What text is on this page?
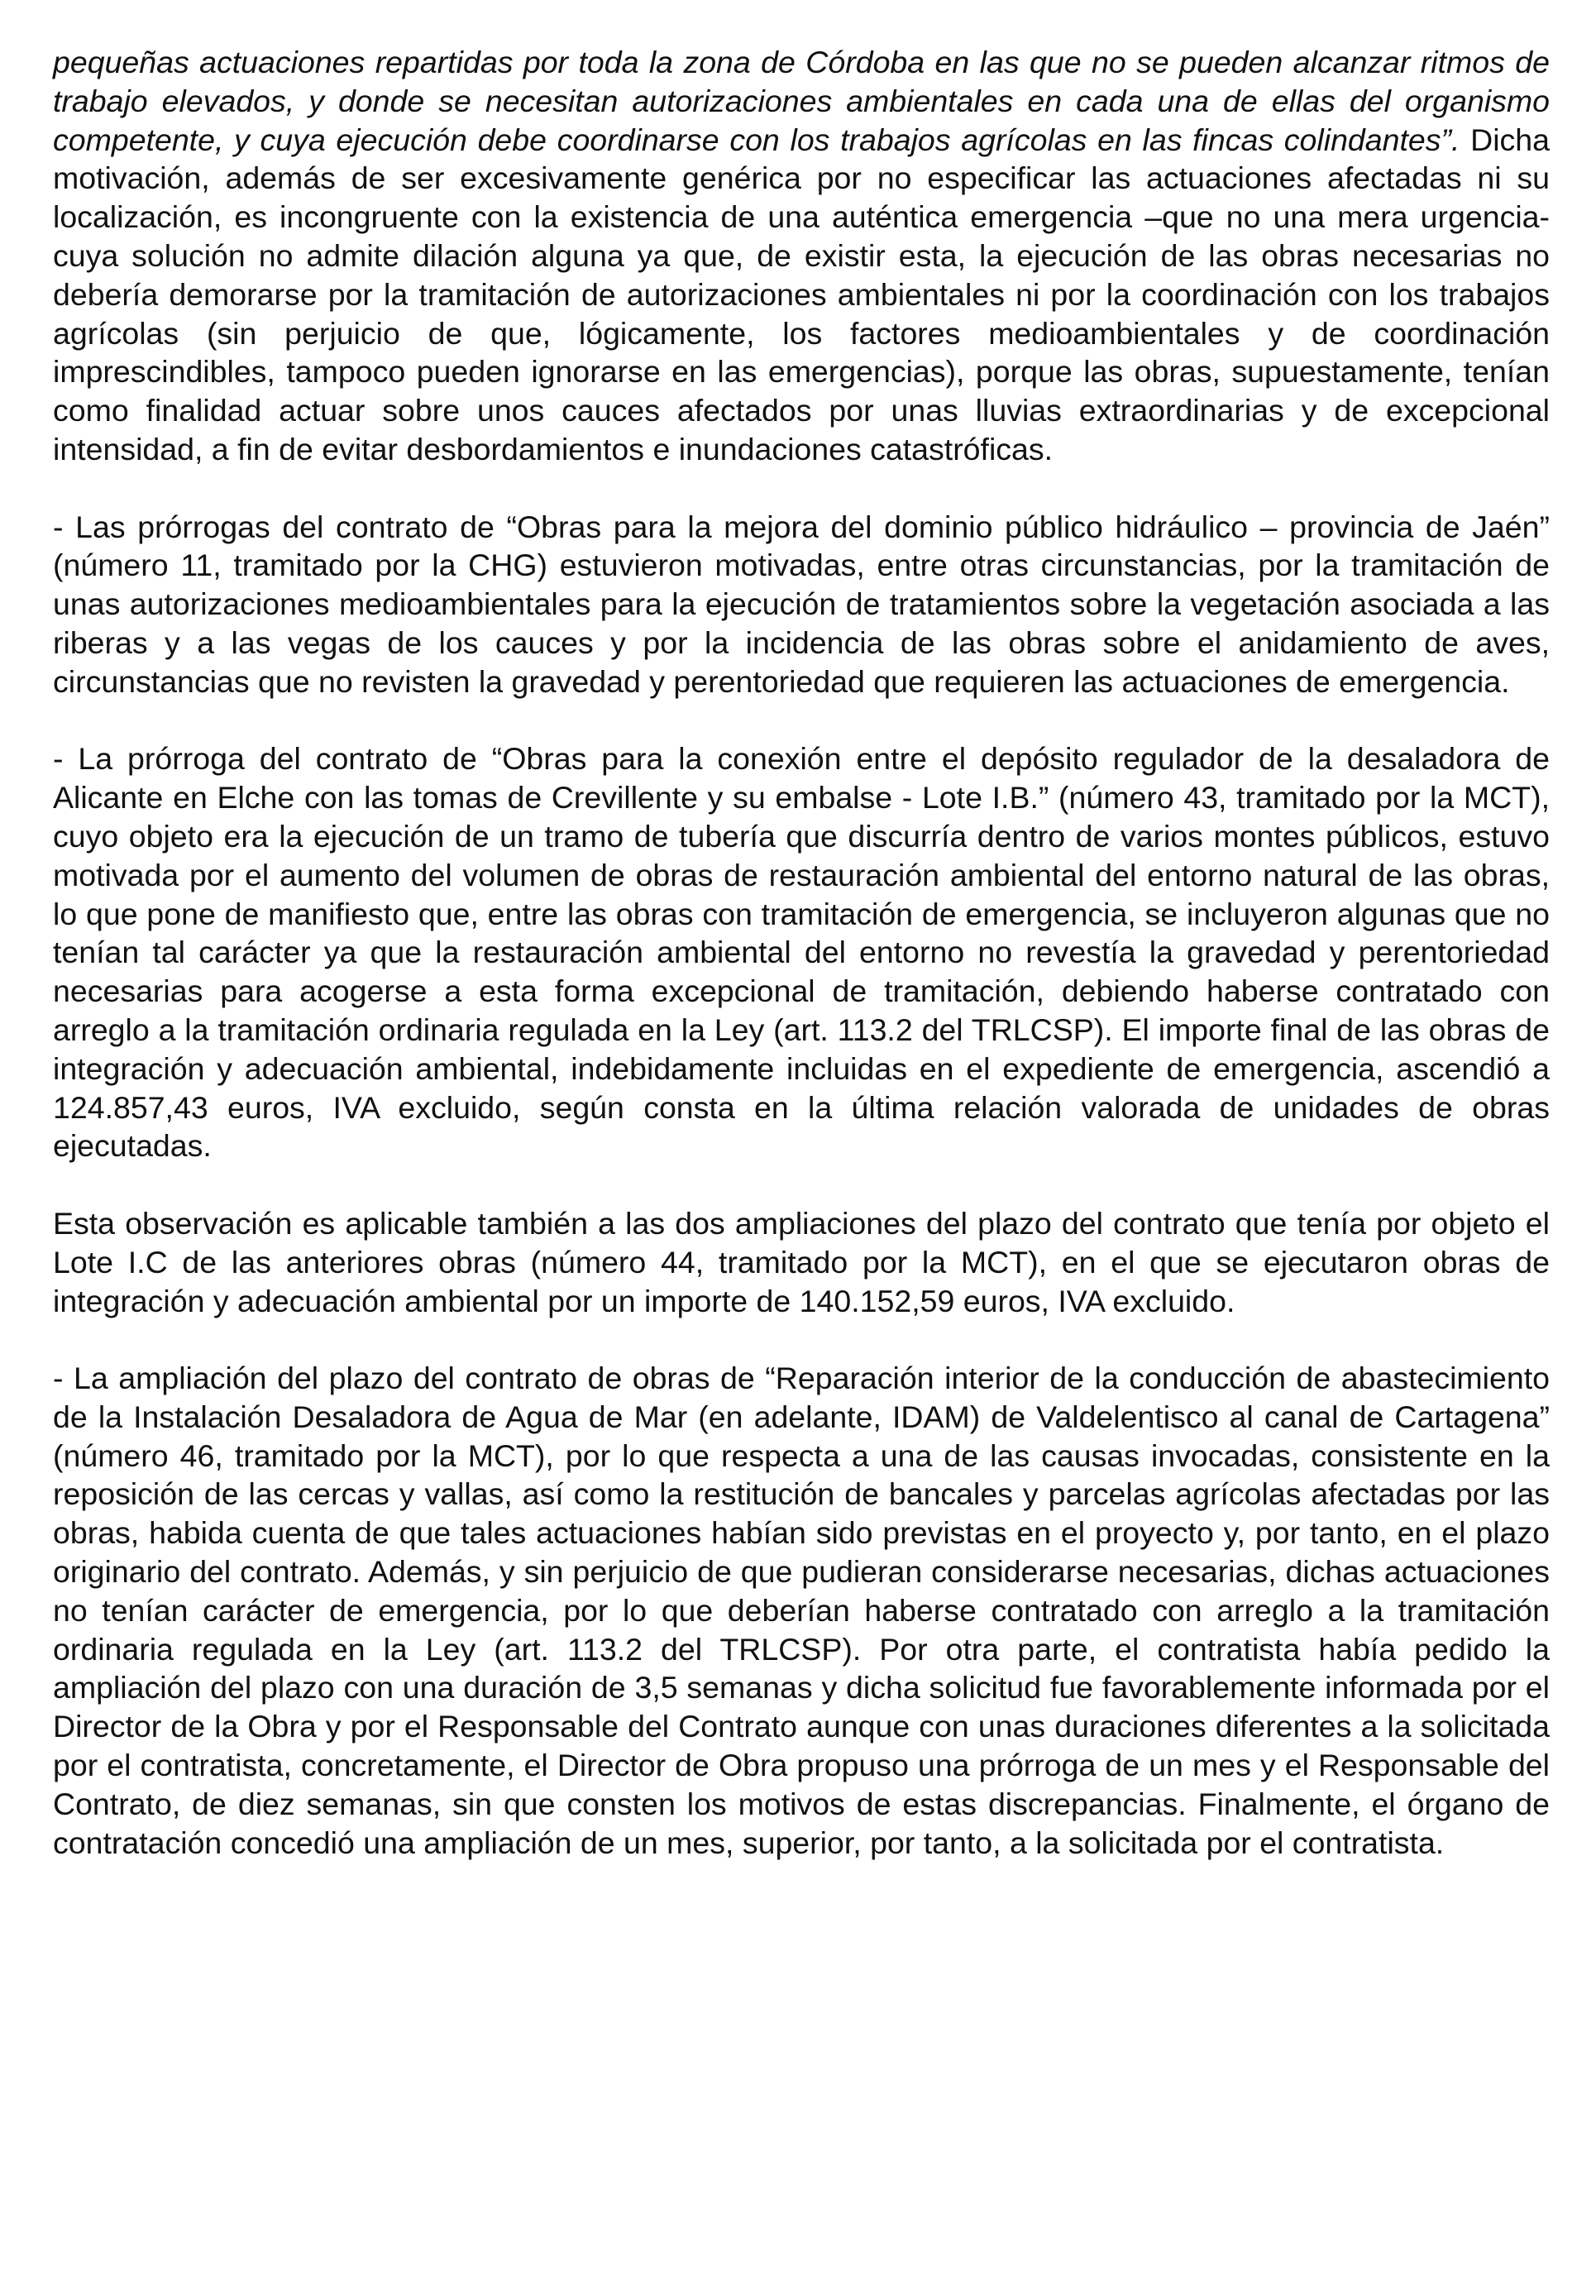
pequeñas actuaciones repartidas por toda la zona de Córdoba en las que no se pueden alcanzar ritmos de trabajo elevados, y donde se necesitan autorizaciones ambientales en cada una de ellas del organismo competente, y cuya ejecución debe coordinarse con los trabajos agrícolas en las fincas colindantes”. Dicha motivación, además de ser excesivamente genérica por no especificar las actuaciones afectadas ni su localización, es incongruente con la existencia de una auténtica emergencia –que no una mera urgencia- cuya solución no admite dilación alguna ya que, de existir esta, la ejecución de las obras necesarias no debería demorarse por la tramitación de autorizaciones ambientales ni por la coordinación con los trabajos agrícolas (sin perjuicio de que, lógicamente, los factores medioambientales y de coordinación imprescindibles, tampoco pueden ignorarse en las emergencias), porque las obras, supuestamente, tenían como finalidad actuar sobre unos cauces afectados por unas lluvias extraordinarias y de excepcional intensidad, a fin de evitar desbordamientos e inundaciones catastróficas.

- Las prórrogas del contrato de “Obras para la mejora del dominio público hidráulico – provincia de Jaén” (número 11, tramitado por la CHG) estuvieron motivadas, entre otras circunstancias, por la tramitación de unas autorizaciones medioambientales para la ejecución de tratamientos sobre la vegetación asociada a las riberas y a las vegas de los cauces y por la incidencia de las obras sobre el anidamiento de aves, circunstancias que no revisten la gravedad y perentoriedad que requieren las actuaciones de emergencia.

- La prórroga del contrato de “Obras para la conexión entre el depósito regulador de la desaladora de Alicante en Elche con las tomas de Crevillente y su embalse - Lote I.B.” (número 43, tramitado por la MCT), cuyo objeto era la ejecución de un tramo de tubería que discurría dentro de varios montes públicos, estuvo motivada por el aumento del volumen de obras de restauración ambiental del entorno natural de las obras, lo que pone de manifiesto que, entre las obras con tramitación de emergencia, se incluyeron algunas que no tenían tal carácter ya que la restauración ambiental del entorno no revestía la gravedad y perentoriedad necesarias para acogerse a esta forma excepcional de tramitación, debiendo haberse contratado con arreglo a la tramitación ordinaria regulada en la Ley (art. 113.2 del TRLCSP). El importe final de las obras de integración y adecuación ambiental, indebidamente incluidas en el expediente de emergencia, ascendió a 124.857,43 euros, IVA excluido, según consta en la última relación valorada de unidades de obras ejecutadas.

Esta observación es aplicable también a las dos ampliaciones del plazo del contrato que tenía por objeto el Lote I.C de las anteriores obras (número 44, tramitado por la MCT), en el que se ejecutaron obras de integración y adecuación ambiental por un importe de 140.152,59 euros, IVA excluido.

- La ampliación del plazo del contrato de obras de “Reparación interior de la conducción de abastecimiento de la Instalación Desaladora de Agua de Mar (en adelante, IDAM) de Valdelentisco al canal de Cartagena” (número 46, tramitado por la MCT), por lo que respecta a una de las causas invocadas, consistente en la reposición de las cercas y vallas, así como la restitución de bancales y parcelas agrícolas afectadas por las obras, habida cuenta de que tales actuaciones habían sido previstas en el proyecto y, por tanto, en el plazo originario del contrato. Además, y sin perjuicio de que pudieran considerarse necesarias, dichas actuaciones no tenían carácter de emergencia, por lo que deberían haberse contratado con arreglo a la tramitación ordinaria regulada en la Ley (art. 113.2 del TRLCSP). Por otra parte, el contratista había pedido la ampliación del plazo con una duración de 3,5 semanas y dicha solicitud fue favorablemente informada por el Director de la Obra y por el Responsable del Contrato aunque con unas duraciones diferentes a la solicitada por el contratista, concretamente, el Director de Obra propuso una prórroga de un mes y el Responsable del Contrato, de diez semanas, sin que consten los motivos de estas discrepancias. Finalmente, el órgano de contratación concedió una ampliación de un mes, superior, por tanto, a la solicitada por el contratista.
